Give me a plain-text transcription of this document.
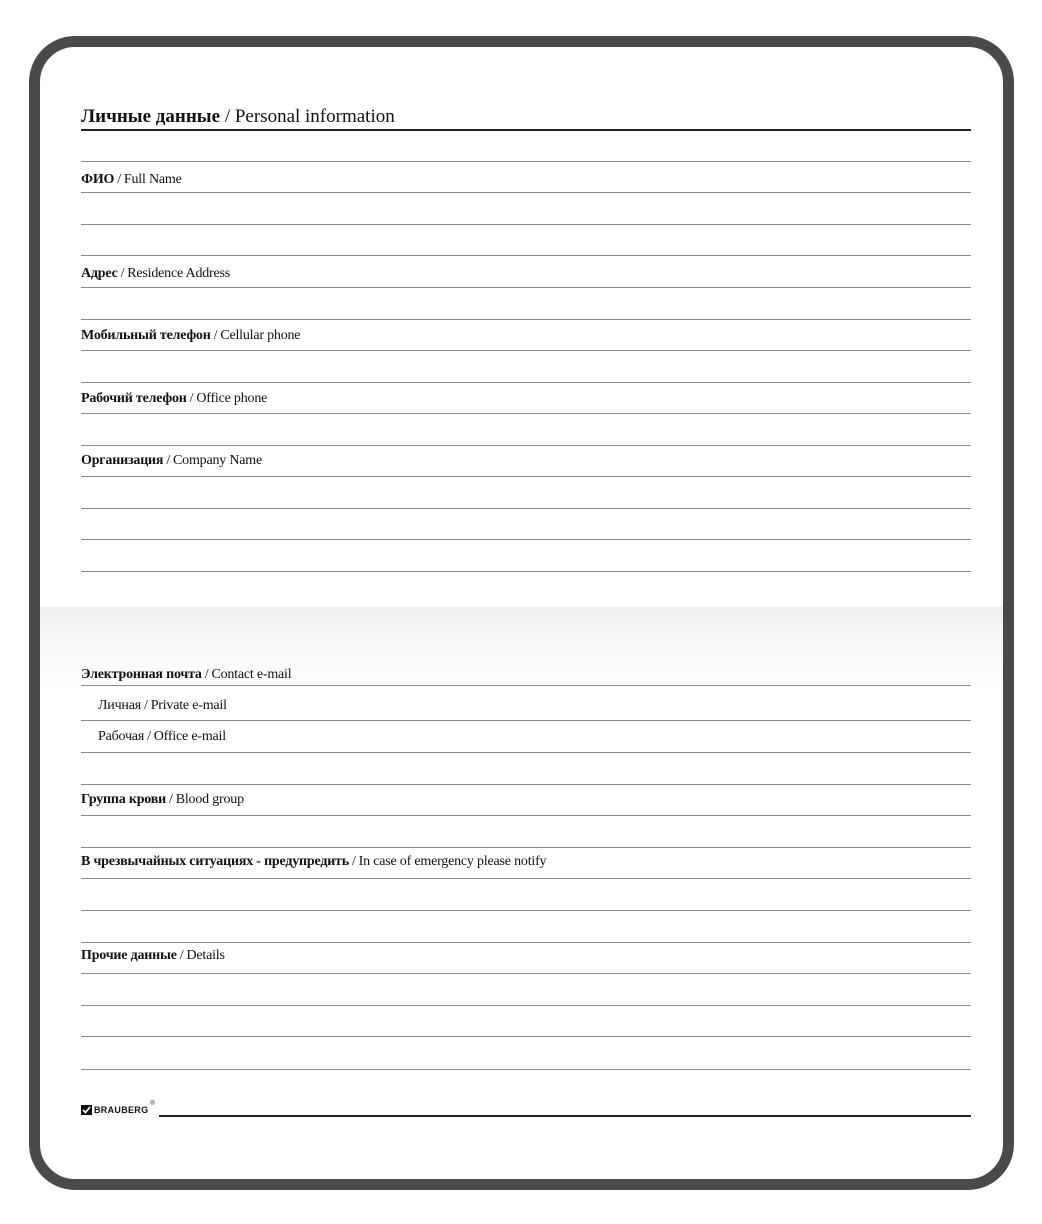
Личные данные / Personal information
ФИО / Full Name
Адрес / Residence Address
Мобильный телефон / Cellular phone
Рабочий телефон / Office phone
Организация / Company Name
Электронная почта / Contact e-mail
Личная / Private e-mail
Рабочая / Office e-mail
Группа крови / Blood group
В чрезвычайных ситуациях - предупредить / In case of emergency please notify
Прочие данные / Details
BRAUBERG
®
